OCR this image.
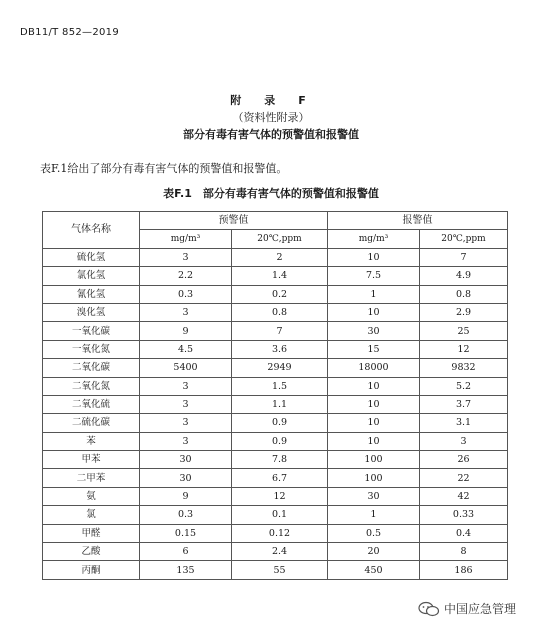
DB11/T 852—2019
附　录　F
（资料性附录）
部分有毒有害气体的预警值和报警值
表F.1给出了部分有毒有害气体的预警值和报警值。
表F.1　部分有毒有害气体的预警值和报警值
气体名称	预警值		报警值	
	mg/m³	20℃,ppm	mg/m³	20℃,ppm
硫化氢	3	2	10	7
氯化氢	2.2	1.4	7.5	4.9
氰化氢	0.3	0.2	1	0.8
溴化氢	3	0.8	10	2.9
一氧化碳	9	7	30	25
一氧化氮	4.5	3.6	15	12
二氧化碳	5400	2949	18000	9832
二氧化氮	3	1.5	10	5.2
二氧化硫	3	1.1	10	3.7
二硫化碳	3	0.9	10	3.1
苯	3	0.9	10	3
甲苯	30	7.8	100	26
二甲苯	30	6.7	100	22
氨	9	12	30	42
氯	0.3	0.1	1	0.33
甲醛	0.15	0.12	0.5	0.4
乙酸	6	2.4	20	8
丙酮	135	55	450	186
中国应急管理
